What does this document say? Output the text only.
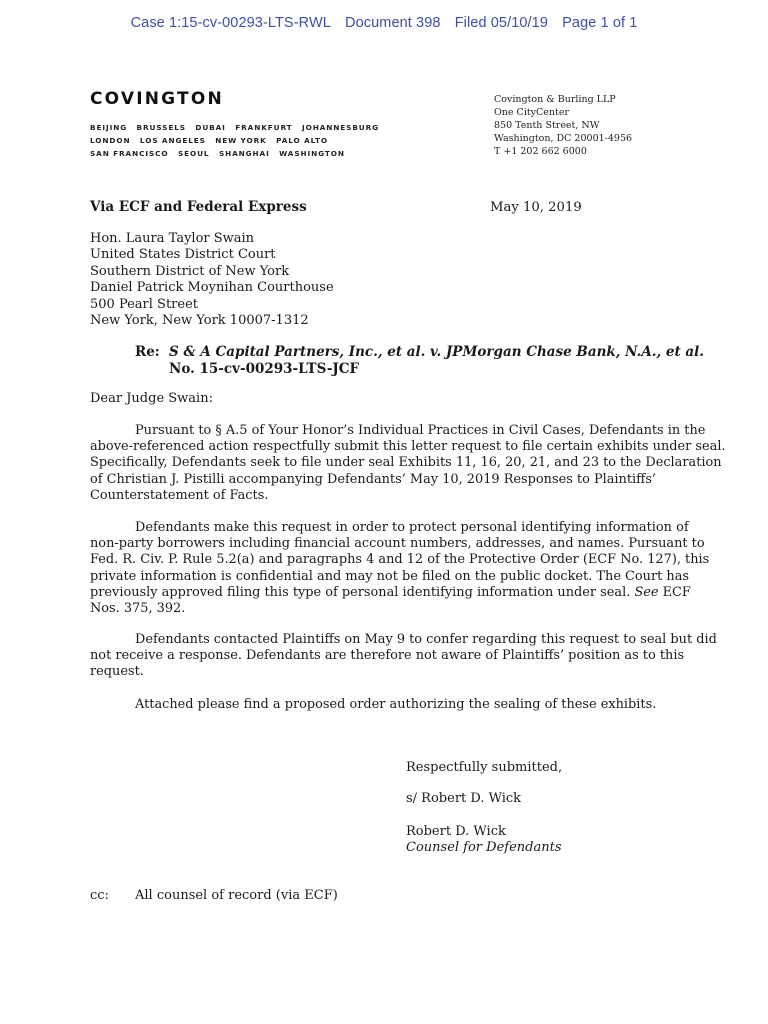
Case 1:15-cv-00293-LTS-RWL Document 398 Filed 05/10/19 Page 1 of 1
COVINGTON
BEIJING BRUSSELS DUBAI FRANKFURT JOHANNESBURG
LONDON LOS ANGELES NEW YORK PALO ALTO
SAN FRANCISCO SEOUL SHANGHAI WASHINGTON
Covington & Burling LLP
One CityCenter
850 Tenth Street, NW
Washington, DC 20001-4956
T +1 202 662 6000
Via ECF and Federal Express	May 10, 2019
Hon. Laura Taylor Swain
United States District Court
Southern District of New York
Daniel Patrick Moynihan Courthouse
500 Pearl Street
New York, New York 10007-1312
Re: S & A Capital Partners, Inc., et al. v. JPMorgan Chase Bank, N.A., et al.
No. 15-cv-00293-LTS-JCF
Dear Judge Swain:
Pursuant to § A.5 of Your Honor’s Individual Practices in Civil Cases, Defendants in the
above-referenced action respectfully submit this letter request to file certain exhibits under seal.
Specifically, Defendants seek to file under seal Exhibits 11, 16, 20, 21, and 23 to the Declaration
of Christian J. Pistilli accompanying Defendants’ May 10, 2019 Responses to Plaintiffs’
Counterstatement of Facts.
Defendants make this request in order to protect personal identifying information of
non-party borrowers including financial account numbers, addresses, and names. Pursuant to
Fed. R. Civ. P. Rule 5.2(a) and paragraphs 4 and 12 of the Protective Order (ECF No. 127), this
private information is confidential and may not be filed on the public docket. The Court has
previously approved filing this type of personal identifying information under seal. See ECF
Nos. 375, 392.
Defendants contacted Plaintiffs on May 9 to confer regarding this request to seal but did
not receive a response. Defendants are therefore not aware of Plaintiffs’ position as to this
request.
Attached please find a proposed order authorizing the sealing of these exhibits.
Respectfully submitted,
s/ Robert D. Wick
Robert D. Wick
Counsel for Defendants
cc: All counsel of record (via ECF)
